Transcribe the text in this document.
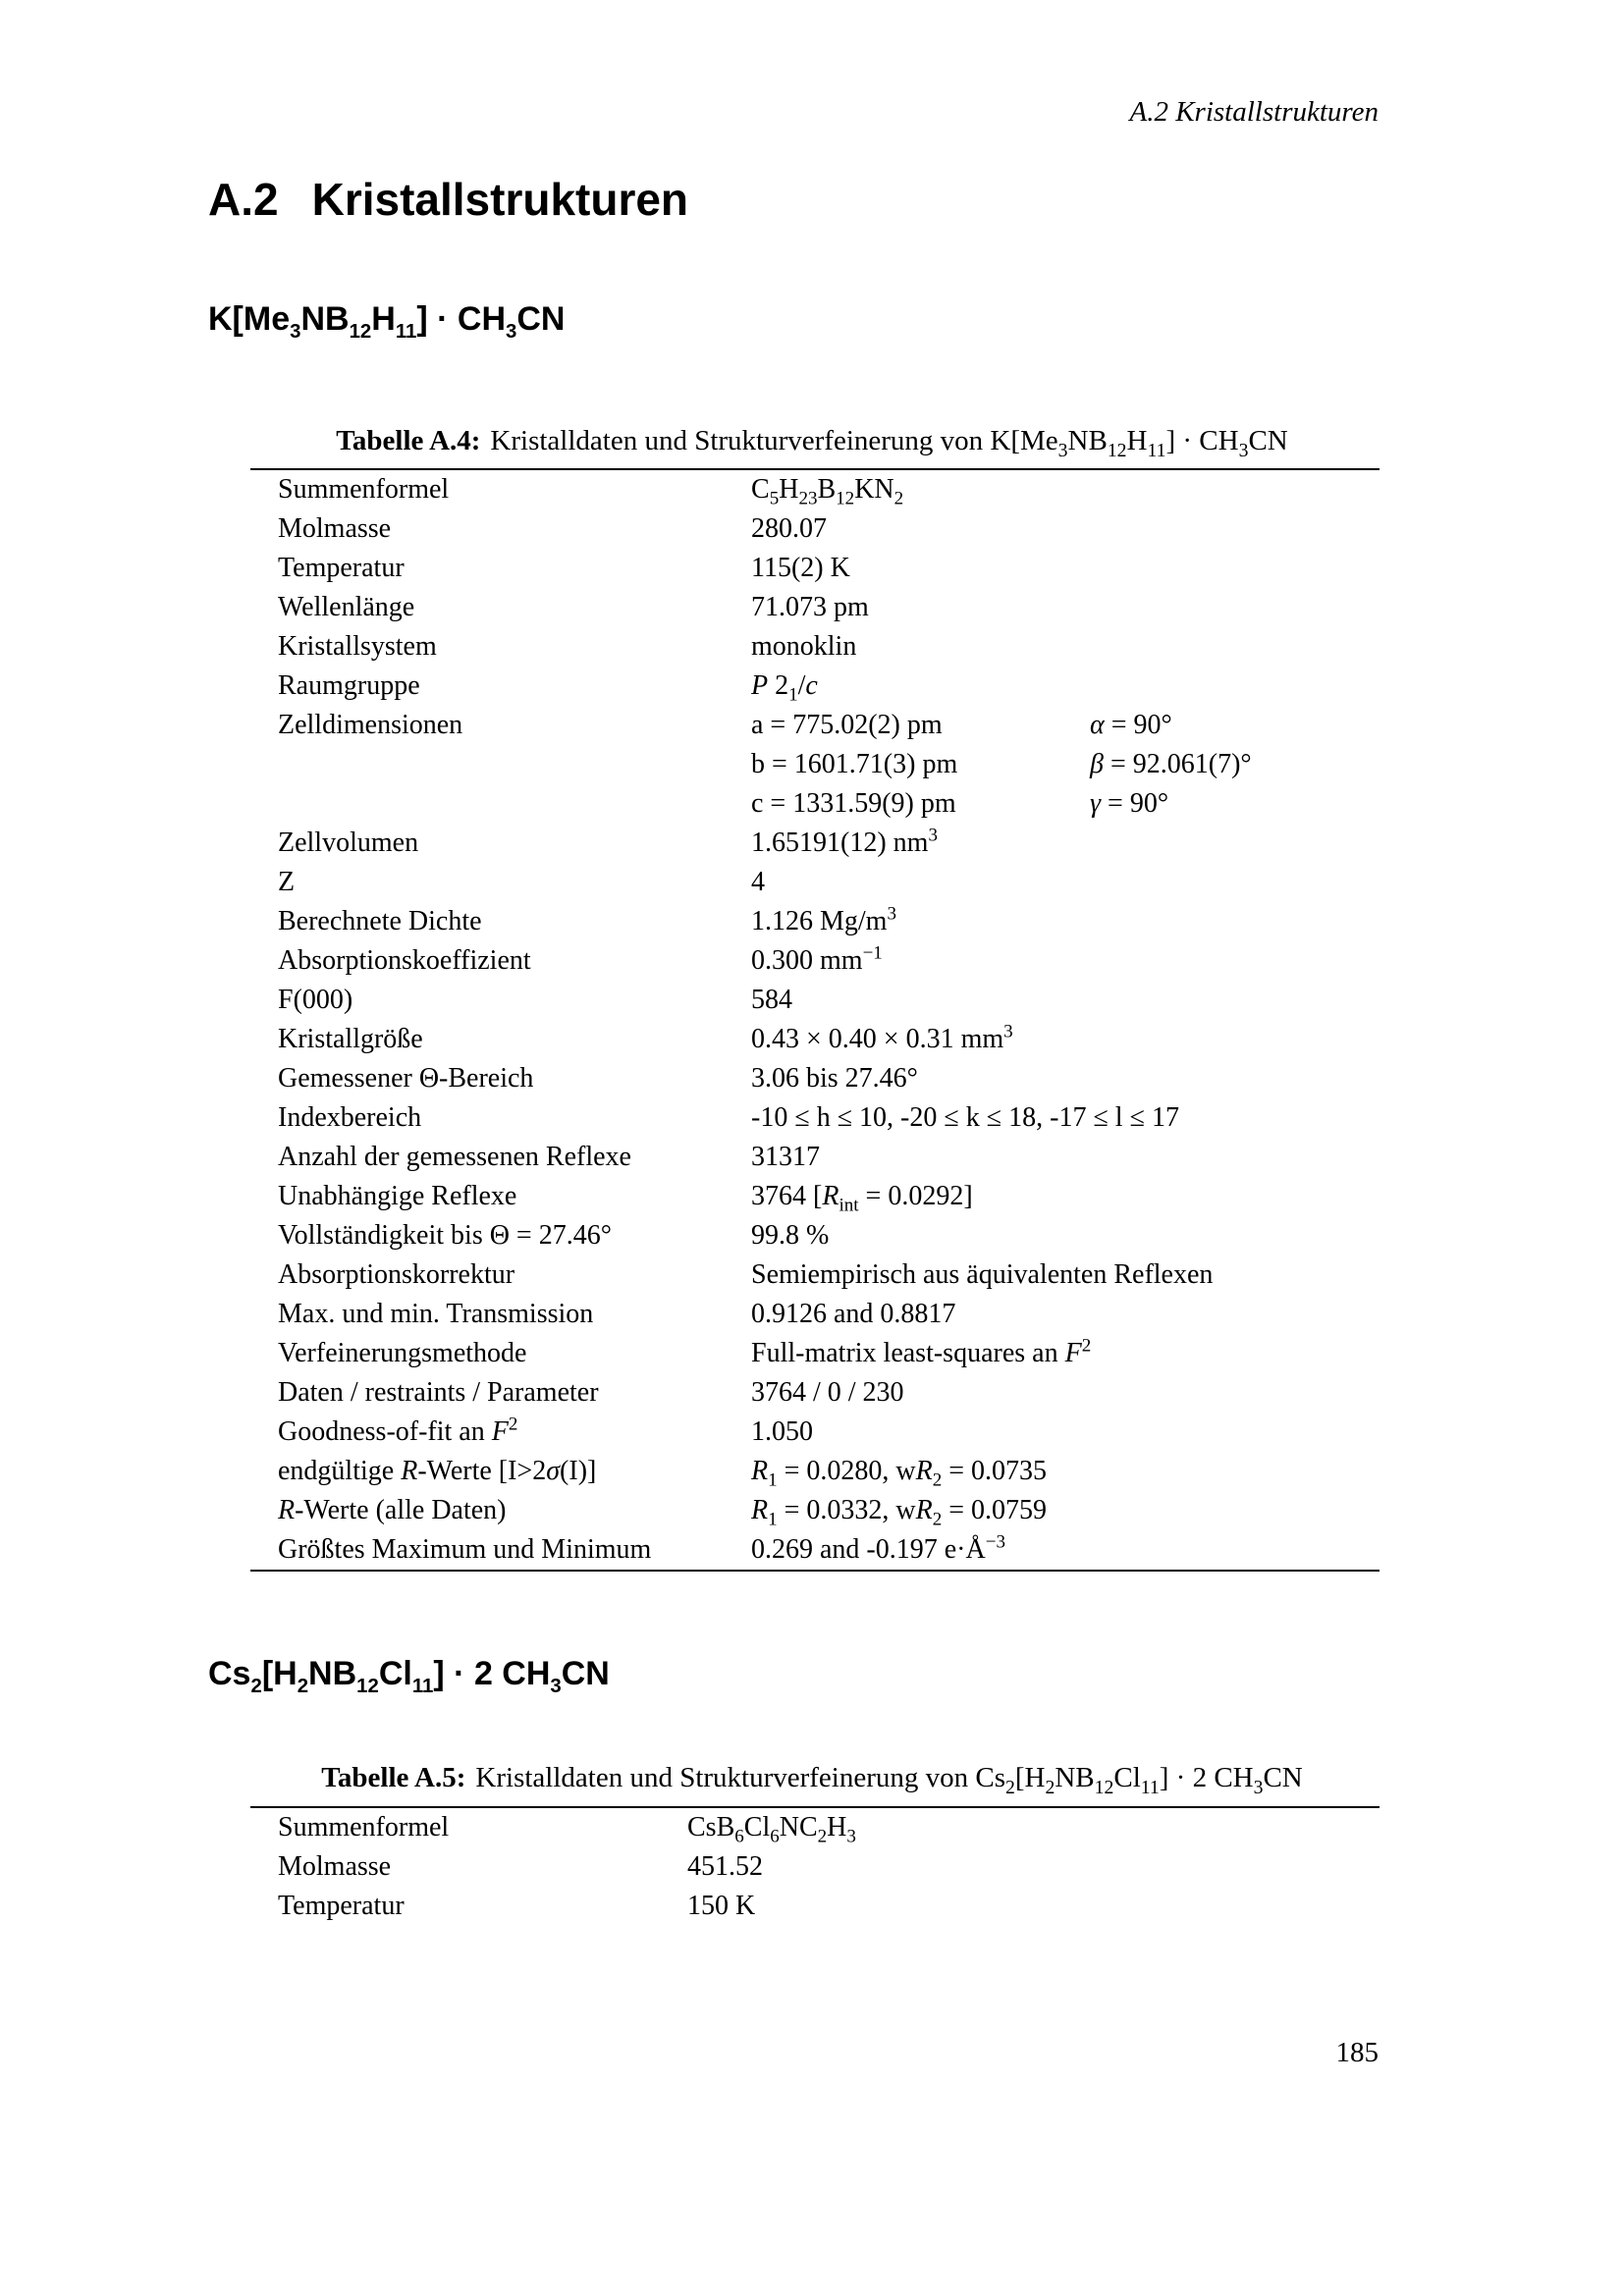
A.2 Kristallstrukturen
A.2 Kristallstrukturen
$K[Me_3NB_{12}H_{11}] \cdot CH_3CN$
Tabelle A.4: Kristalldaten und Strukturverfeinerung von $K[Me_3NB_{12}H_{11}] \cdot CH_3CN$
Summenformel	$C_5H_{23}B_{12}KN_2$	
Molmasse	280.07	
Temperatur	115(2) K	
Wellenlänge	71.073 pm	
Kristallsystem	monoklin	
Raumgruppe	P $2_1/c$	
Zelldimensionen	a = 775.02(2) pm	α = 90°
	b = 1601.71(3) pm	β = 92.061(7)°
	c = 1331.59(9) pm	γ = 90°
Zellvolumen	1.65191(12) $nm^3$	
Z	4	
Berechnete Dichte	1.126 $Mg/m^3$	
Absorptionskoeffizient	0.300 $mm^{-1}$	
F(000)	584	
Kristallgröße	0.43 × 0.40 × 0.31 $mm^3$	
Gemessener Θ-Bereich	3.06 bis 27.46°	
Indexbereich	-10 ≤ h ≤ 10, -20 ≤ k ≤ 18, -17 ≤ l ≤ 17	
Anzahl der gemessenen Reflexe	31317	
Unabhängige Reflexe	3764 $[R_{int} = 0.0292]$	
Vollständigkeit bis Θ = 27.46°	99.8 %	
Absorptionskorrektur	Semiempirisch aus äquivalenten Reflexen	
Max. und min. Transmission	0.9126 and 0.8817	
Verfeinerungsmethode	Full-matrix least-squares an $F^2$	
Daten / restraints / Parameter	3764 / 0 / 230	
Goodness-of-fit an $F^2$	1.050	
endgültige R-Werte [I>2σ(I)]	$R_1 = 0.0280$, $wR_2 = 0.0735$	
R-Werte (alle Daten)	$R_1 = 0.0332$, $wR_2 = 0.0759$	
Größtes Maximum und Minimum	0.269 and -0.197 $e\cdot Å^{-3}$	
$Cs_2[H_2NB_{12}Cl_{11}] \cdot 2$ $CH_3CN$
Tabelle A.5: Kristalldaten und Strukturverfeinerung von $Cs_2[H_2NB_{12}Cl_{11}] \cdot 2$ $CH_3CN$
Summenformel	$CsB_6Cl_6NC_2H_3$	
Molmasse	451.52	
Temperatur	150 K	
185
